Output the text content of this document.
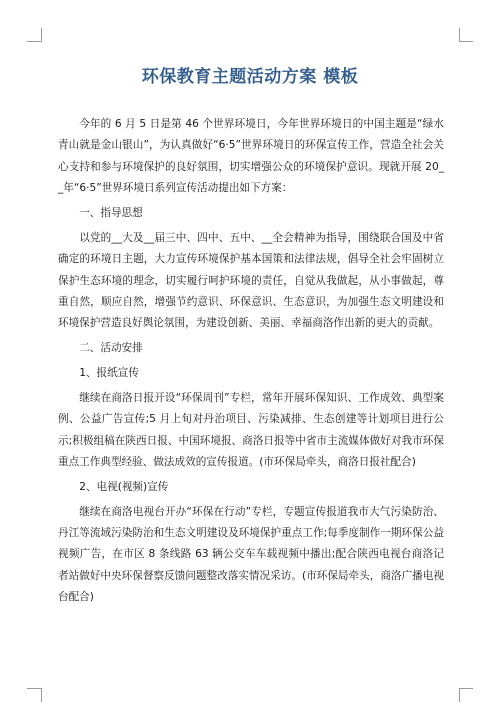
环保教育主题活动方案 模板

今年的 6 月 5 日是第 46 个世界环境日，今年世界环境日的中国主题是“绿水青山就是金山银山”，为认真做好“6·5”世界环境日的环保宣传工作，营造全社会关心支持和参与环境保护的良好氛围，切实增强公众的环境保护意识。现就开展 20__年“6·5”世界环境日系列宣传活动提出如下方案：

一、指导思想

以党的__大及__届三中、四中、五中、__全会精神为指导，围绕联合国及中省确定的环境日主题，大力宣传环境保护基本国策和法律法规，倡导全社会牢固树立保护生态环境的理念，切实履行呵护环境的责任，自觉从我做起，从小事做起，尊重自然，顺应自然，增强节约意识、环保意识、生态意识，为加强生态文明建设和环境保护营造良好舆论氛围，为建设创新、美丽、幸福商洛作出新的更大的贡献。

二、活动安排

1、报纸宣传

继续在商洛日报开设“环保周刊”专栏，常年开展环保知识、工作成效、典型案例、公益广告宣传;5 月上旬对丹治项目、污染减排、生态创建等计划项目进行公示;积极组稿在陕西日报、中国环境报、商洛日报等中省市主流媒体做好对我市环保重点工作典型经验、做法成效的宣传报道。(市环保局牵头，商洛日报社配合)

2、电视(视频)宣传

继续在商洛电视台开办“环保在行动”专栏，专题宣传报道我市大气污染防治、丹江等流域污染防治和生态文明建设及环境保护重点工作;每季度制作一期环保公益视频广告，在市区 8 条线路 63 辆公交车车载视频中播出;配合陕西电视台商洛记者站做好中央环保督察反馈问题整改落实情况采访。(市环保局牵头，商洛广播电视台配合)
